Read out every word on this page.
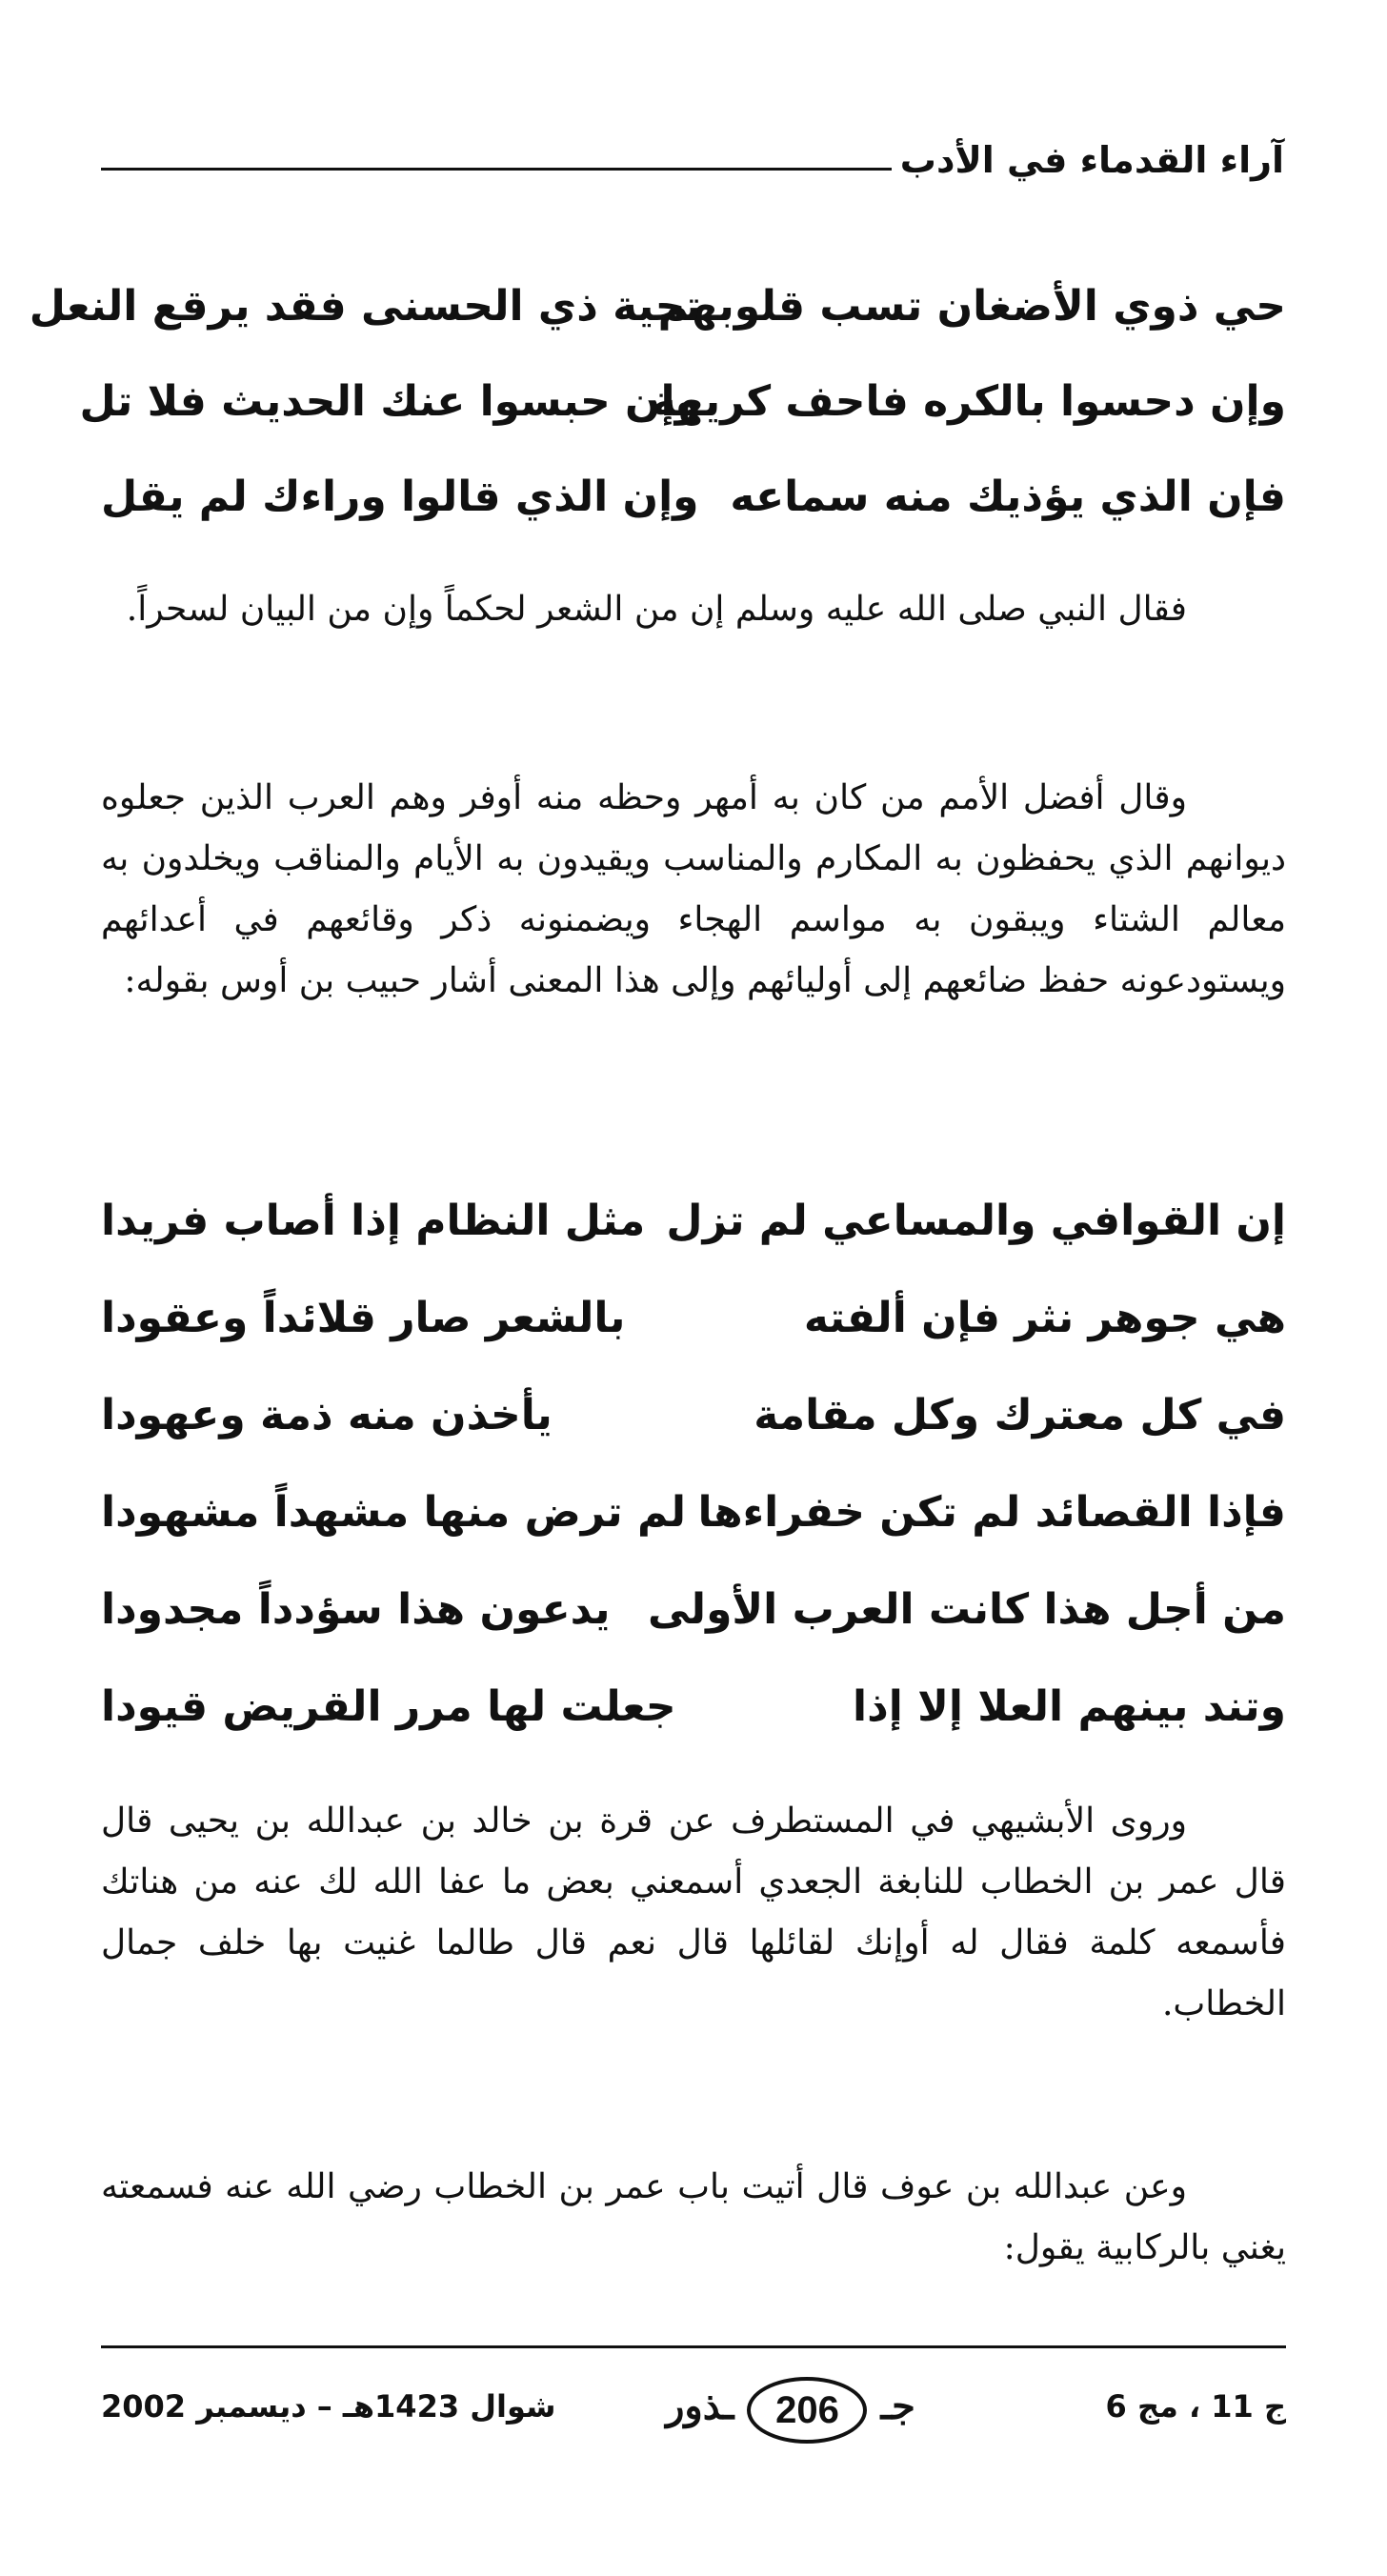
آراء القدماء في الأدب
حي ذوي الأضغان تسب قلوبهم
تحية ذي الحسنى فقد يرقع النعل
وإن دحسوا بالكره فاحف كريهة
وإن حبسوا عنك الحديث فلا تل
فإن الذي يؤذيك منه سماعه
وإن الذي قالوا وراءك لم يقل
فقال النبي صلى الله عليه وسلم إن من الشعر لحكماً وإن من البيان لسحراً.
وقال أفضل الأمم من كان به أمهر وحظه منه أوفر وهم العرب الذين جعلوه ديوانهم الذي يحفظون به المكارم والمناسب ويقيدون به الأيام والمناقب ويخلدون به معالم الشتاء ويبقون به مواسم الهجاء ويضمنونه ذكر وقائعهم في أعدائهم ويستودعونه حفظ ضائعهم إلى أوليائهم وإلى هذا المعنى أشار حبيب بن أوس بقوله:
إن القوافي والمساعي لم تزل
مثل النظام إذا أصاب فريدا
هي جوهر نثر فإن ألفته
بالشعر صار قلائداً وعقودا
في كل معترك وكل مقامة
يأخذن منه ذمة وعهودا
فإذا القصائد لم تكن خفراءها
لم ترض منها مشهداً مشهودا
من أجل هذا كانت العرب الأولى
يدعون هذا سؤدداً مجدودا
وتند بينهم العلا إلا إذا
جعلت لها مرر القريض قيودا
وروى الأبشيهي في المستطرف عن قرة بن خالد بن عبدالله بن يحيى قال قال عمر بن الخطاب للنابغة الجعدي أسمعني بعض ما عفا الله لك عنه من هناتك فأسمعه كلمة فقال له أوإنك لقائلها قال نعم قال طالما غنيت بها خلف جمال الخطاب.
وعن عبدالله بن عوف قال أتيت باب عمر بن الخطاب رضي الله عنه فسمعته يغني بالركابية يقول:
ج 11 ، مج 6
جـ206ـذور
شوال 1423هـ – ديسمبر 2002
